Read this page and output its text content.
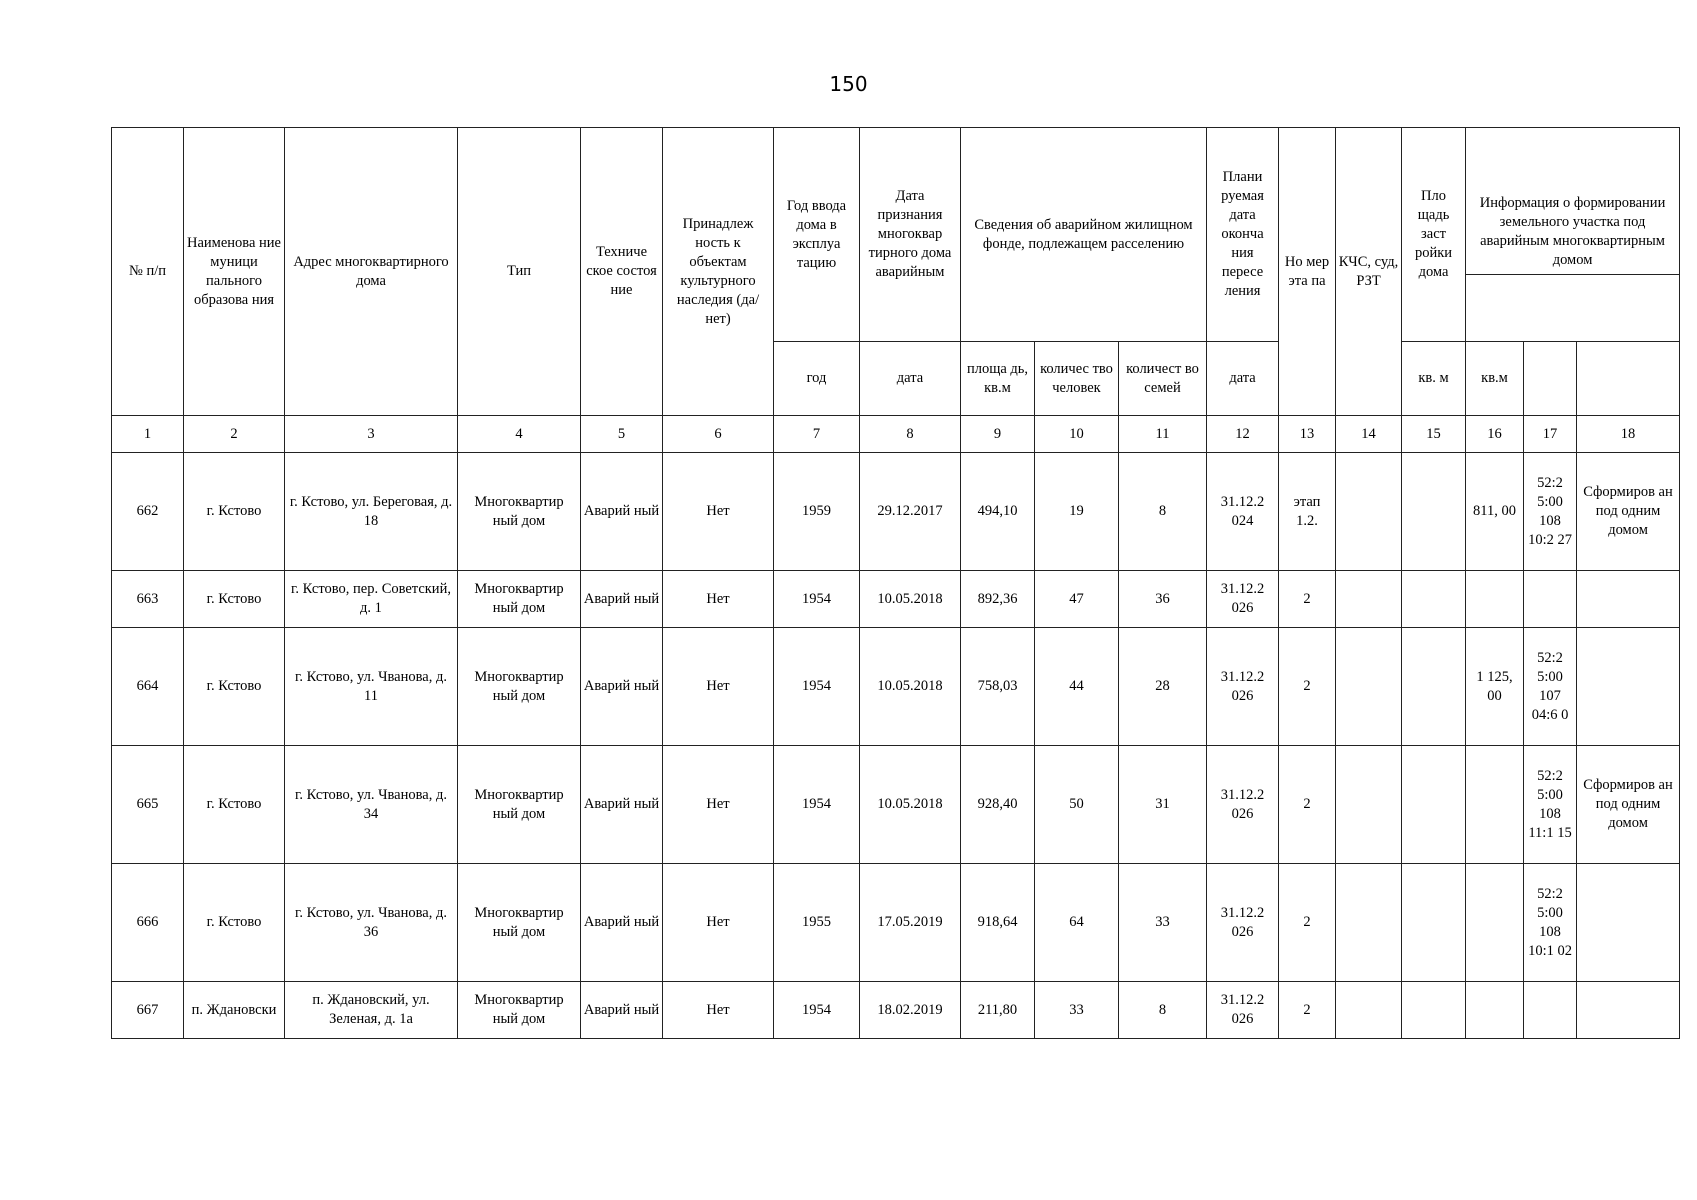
150
№ п/п	Наименова ние муници пального образова ния	Адрес многоквартирного дома	Тип	Техниче ское состоя ние	Принадлеж ность к объектам культурного наследия (да/нет)	Год ввода дома в эксплуа тацию	Дата признания многоквар тирного дома аварийным	Сведения об аварийном жилищном фонде, подлежащем расселению			Плани руемая дата оконча ния пересе ления	Но мер эта па	КЧС, суд, РЗТ	Пло щадь заст ройки дома	Информация о формировании земельного участка под аварийным многоквартирным домом		

						год	дата	площа дь, кв.м	количес тво человек	количест во семей	дата			кв. м	кв.м		
1	2	3	4	5	6	7	8	9	10	11	12	13	14	15	16	17	18
662	г. Кстово	г. Кстово, ул. Береговая, д. 18	Многоквартир ный дом	Аварий ный	Нет	1959	29.12.2017	494,10	19	8	31.12.2 024	этап 1.2.			811, 00	52:2 5:00 108 10:2 27	Сформиров ан под одним домом
663	г. Кстово	г. Кстово, пер. Советский, д. 1	Многоквартир ный дом	Аварий ный	Нет	1954	10.05.2018	892,36	47	36	31.12.2 026	2					
664	г. Кстово	г. Кстово, ул. Чванова, д. 11	Многоквартир ный дом	Аварий ный	Нет	1954	10.05.2018	758,03	44	28	31.12.2 026	2			1 125, 00	52:2 5:00 107 04:6 0	
665	г. Кстово	г. Кстово, ул. Чванова, д. 34	Многоквартир ный дом	Аварий ный	Нет	1954	10.05.2018	928,40	50	31	31.12.2 026	2				52:2 5:00 108 11:1 15	Сформиров ан под одним домом
666	г. Кстово	г. Кстово, ул. Чванова, д. 36	Многоквартир ный дом	Аварий ный	Нет	1955	17.05.2019	918,64	64	33	31.12.2 026	2				52:2 5:00 108 10:1 02	
667	п. Ждановски	п. Ждановский, ул. Зеленая, д. 1а	Многоквартир ный дом	Аварий ный	Нет	1954	18.02.2019	211,80	33	8	31.12.2 026	2					
